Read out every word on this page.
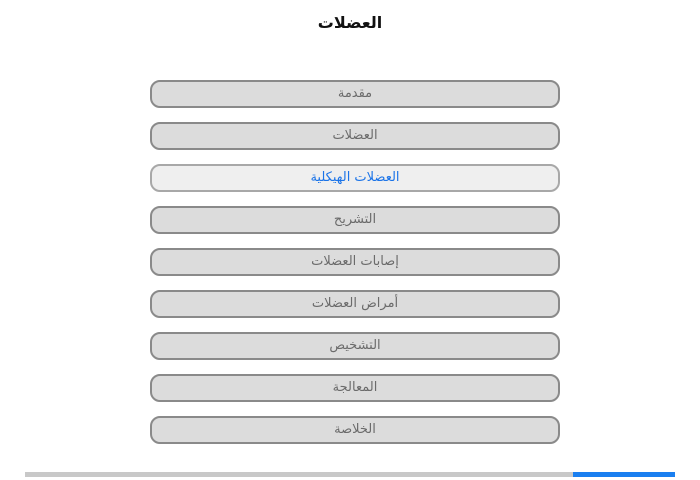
العضلات
مقدمة
العضلات
العضلات الهيكلية
التشريح
إصابات العضلات
أمراض العضلات
التشخيص
المعالجة
الخلاصة
